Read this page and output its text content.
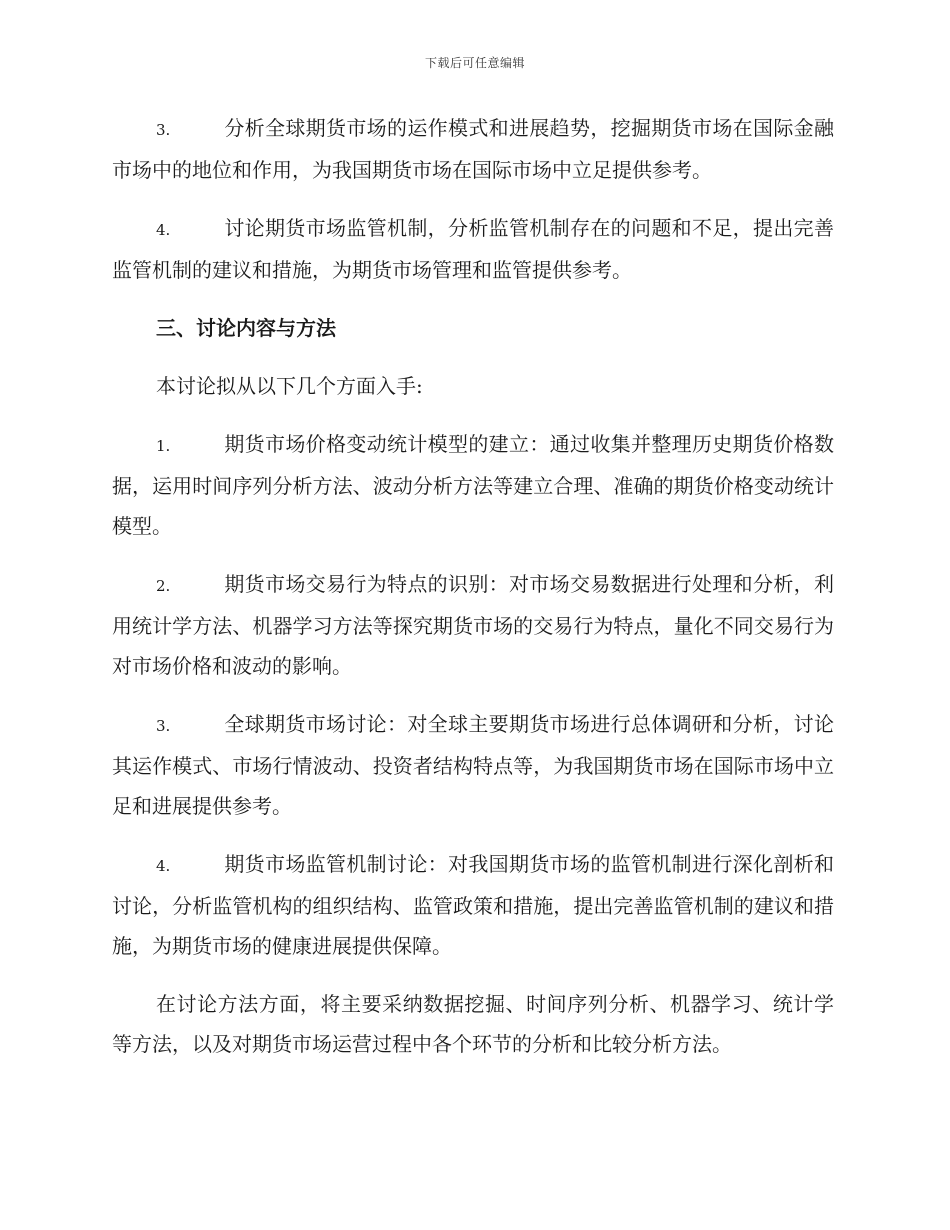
下载后可任意编辑

3.	分析全球期货市场的运作模式和进展趋势，挖掘期货市场在国际金融市场中的地位和作用，为我国期货市场在国际市场中立足提供参考。

4.	讨论期货市场监管机制，分析监管机制存在的问题和不足，提出完善监管机制的建议和措施，为期货市场管理和监管提供参考。

三、讨论内容与方法

本讨论拟从以下几个方面入手:

1.	期货市场价格变动统计模型的建立：通过收集并整理历史期货价格数据，运用时间序列分析方法、波动分析方法等建立合理、准确的期货价格变动统计模型。

2.	期货市场交易行为特点的识别：对市场交易数据进行处理和分析，利用统计学方法、机器学习方法等探究期货市场的交易行为特点，量化不同交易行为对市场价格和波动的影响。

3.	全球期货市场讨论：对全球主要期货市场进行总体调研和分析，讨论其运作模式、市场行情波动、投资者结构特点等，为我国期货市场在国际市场中立足和进展提供参考。

4.	期货市场监管机制讨论：对我国期货市场的监管机制进行深化剖析和讨论，分析监管机构的组织结构、监管政策和措施，提出完善监管机制的建议和措施，为期货市场的健康进展提供保障。

在讨论方法方面，将主要采纳数据挖掘、时间序列分析、机器学习、统计学等方法，以及对期货市场运营过程中各个环节的分析和比较分析方法。
